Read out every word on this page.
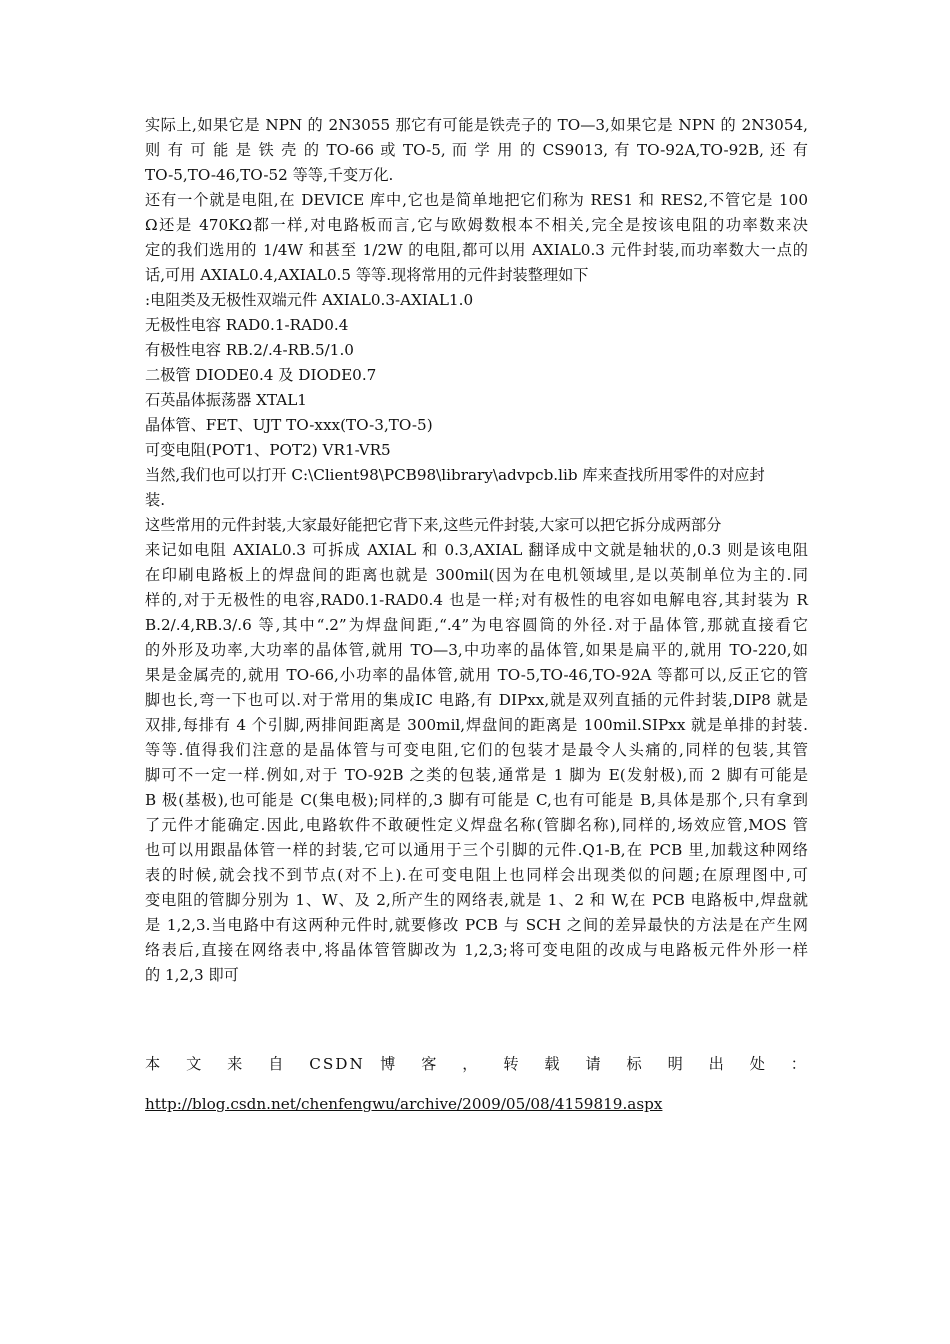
实际上,如果它是 NPN 的 2N3055 那它有可能是铁壳子的 TO—3,如果它是 NPN 的 2N3054,

则 有 可 能 是 铁 壳 的 TO-66 或 TO-5, 而 学 用 的 CS9013, 有 TO-92A,TO-92B, 还 有

TO-5,TO-46,TO-52 等等,千变万化.

还有一个就是电阻,在 DEVICE 库中,它也是简单地把它们称为 RES1 和 RES2,不管它是 100

Ω还是 470KΩ都一样,对电路板而言,它与欧姆数根本不相关,完全是按该电阻的功率数来决

定的我们选用的 1/4W 和甚至 1/2W 的电阻,都可以用 AXIAL0.3 元件封装,而功率数大一点的

话,可用 AXIAL0.4,AXIAL0.5 等等.现将常用的元件封装整理如下

:电阻类及无极性双端元件 AXIAL0.3-AXIAL1.0

无极性电容 RAD0.1-RAD0.4

有极性电容 RB.2/.4-RB.5/1.0

二极管 DIODE0.4 及 DIODE0.7

石英晶体振荡器 XTAL1

晶体管、FET、UJT TO-xxx(TO-3,TO-5)

可变电阻(POT1、POT2) VR1-VR5

当然,我们也可以打开 C:\Client98\PCB98\library\advpcb.lib 库来查找所用零件的对应封

装.

这些常用的元件封装,大家最好能把它背下来,这些元件封装,大家可以把它拆分成两部分

来记如电阻 AXIAL0.3 可拆成 AXIAL 和 0.3,AXIAL 翻译成中文就是轴状的,0.3 则是该电阻

在印刷电路板上的焊盘间的距离也就是 300mil(因为在电机领域里,是以英制单位为主的.同

样的,对于无极性的电容,RAD0.1-RAD0.4 也是一样;对有极性的电容如电解电容,其封装为 R

B.2/.4,RB.3/.6 等,其中“.2”为焊盘间距,“.4”为电容圆筒的外径.对于晶体管,那就直接看它

的外形及功率,大功率的晶体管,就用 TO—3,中功率的晶体管,如果是扁平的,就用 TO-220,如

果是金属壳的,就用 TO-66,小功率的晶体管,就用 TO-5,TO-46,TO-92A 等都可以,反正它的管

脚也长,弯一下也可以.对于常用的集成IC 电路,有 DIPxx,就是双列直插的元件封装,DIP8 就是

双排,每排有 4 个引脚,两排间距离是 300mil,焊盘间的距离是 100mil.SIPxx 就是单排的封装.

等等.值得我们注意的是晶体管与可变电阻,它们的包装才是最令人头痛的,同样的包装,其管

脚可不一定一样.例如,对于 TO-92B 之类的包装,通常是 1 脚为 E(发射极),而 2 脚有可能是

B 极(基极),也可能是 C(集电极);同样的,3 脚有可能是 C,也有可能是 B,具体是那个,只有拿到

了元件才能确定.因此,电路软件不敢硬性定义焊盘名称(管脚名称),同样的,场效应管,MOS 管

也可以用跟晶体管一样的封装,它可以通用于三个引脚的元件.Q1-B,在 PCB 里,加载这种网络

表的时候,就会找不到节点(对不上).在可变电阻上也同样会出现类似的问题;在原理图中,可

变电阻的管脚分别为 1、W、及 2,所产生的网络表,就是 1、2 和 W,在 PCB 电路板中,焊盘就

是 1,2,3.当电路中有这两种元件时,就要修改 PCB 与 SCH 之间的差异最快的方法是在产生网

络表后,直接在网络表中,将晶体管管脚改为 1,2,3;将可变电阻的改成与电路板元件外形一样

的 1,2,3 即可

本 文 来 自 CSDN 博 客 ， 转 载 请 标 明 出 处 ：

http://blog.csdn.net/chenfengwu/archive/2009/05/08/4159819.aspx
